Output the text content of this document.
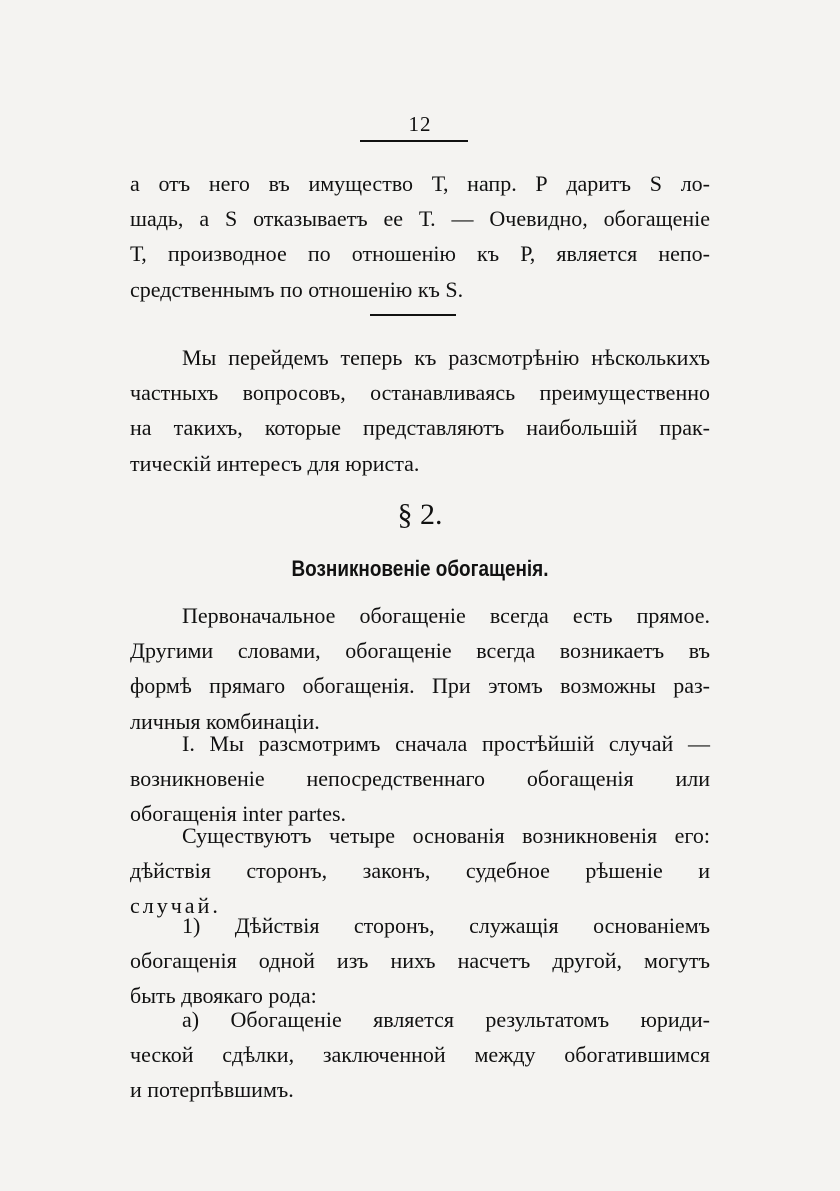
12
а отъ него въ имущество Т, напр. Р даритъ S ло-
шадь, а S отказываетъ ее Т. — Очевидно, обогащеніе
Т, производное по отношенію къ Р, является непо-
средственнымъ по отношенію къ S.
Мы перейдемъ теперь къ разсмотрѣнію нѣсколькихъ
частныхъ вопросовъ, останавливаясь преимущественно
на такихъ, которые представляютъ наибольшій прак-
тическій интересъ для юриста.
§ 2.
Возникновеніе обогащенія.
Первоначальное обогащеніе всегда есть прямое.
Другими словами, обогащеніе всегда возникаетъ въ
формѣ прямаго обогащенія. При этомъ возможны раз-
личныя комбинаціи.
I. Мы разсмотримъ сначала простѣйшій случай —
возникновеніе непосредственнаго обогащенія или
обогащенія inter partes.
Существуютъ четыре основанія возникновенія его:
дѣйствія сторонъ, законъ, судебное рѣшеніе и
случай.
1) Дѣйствія сторонъ, служащія основаніемъ
обогащенія одной изъ нихъ насчетъ другой, могутъ
быть двоякаго рода:
а) Обогащеніе является результатомъ юриди-
ческой сдѣлки, заключенной между обогатившимся
и потерпѣвшимъ.
